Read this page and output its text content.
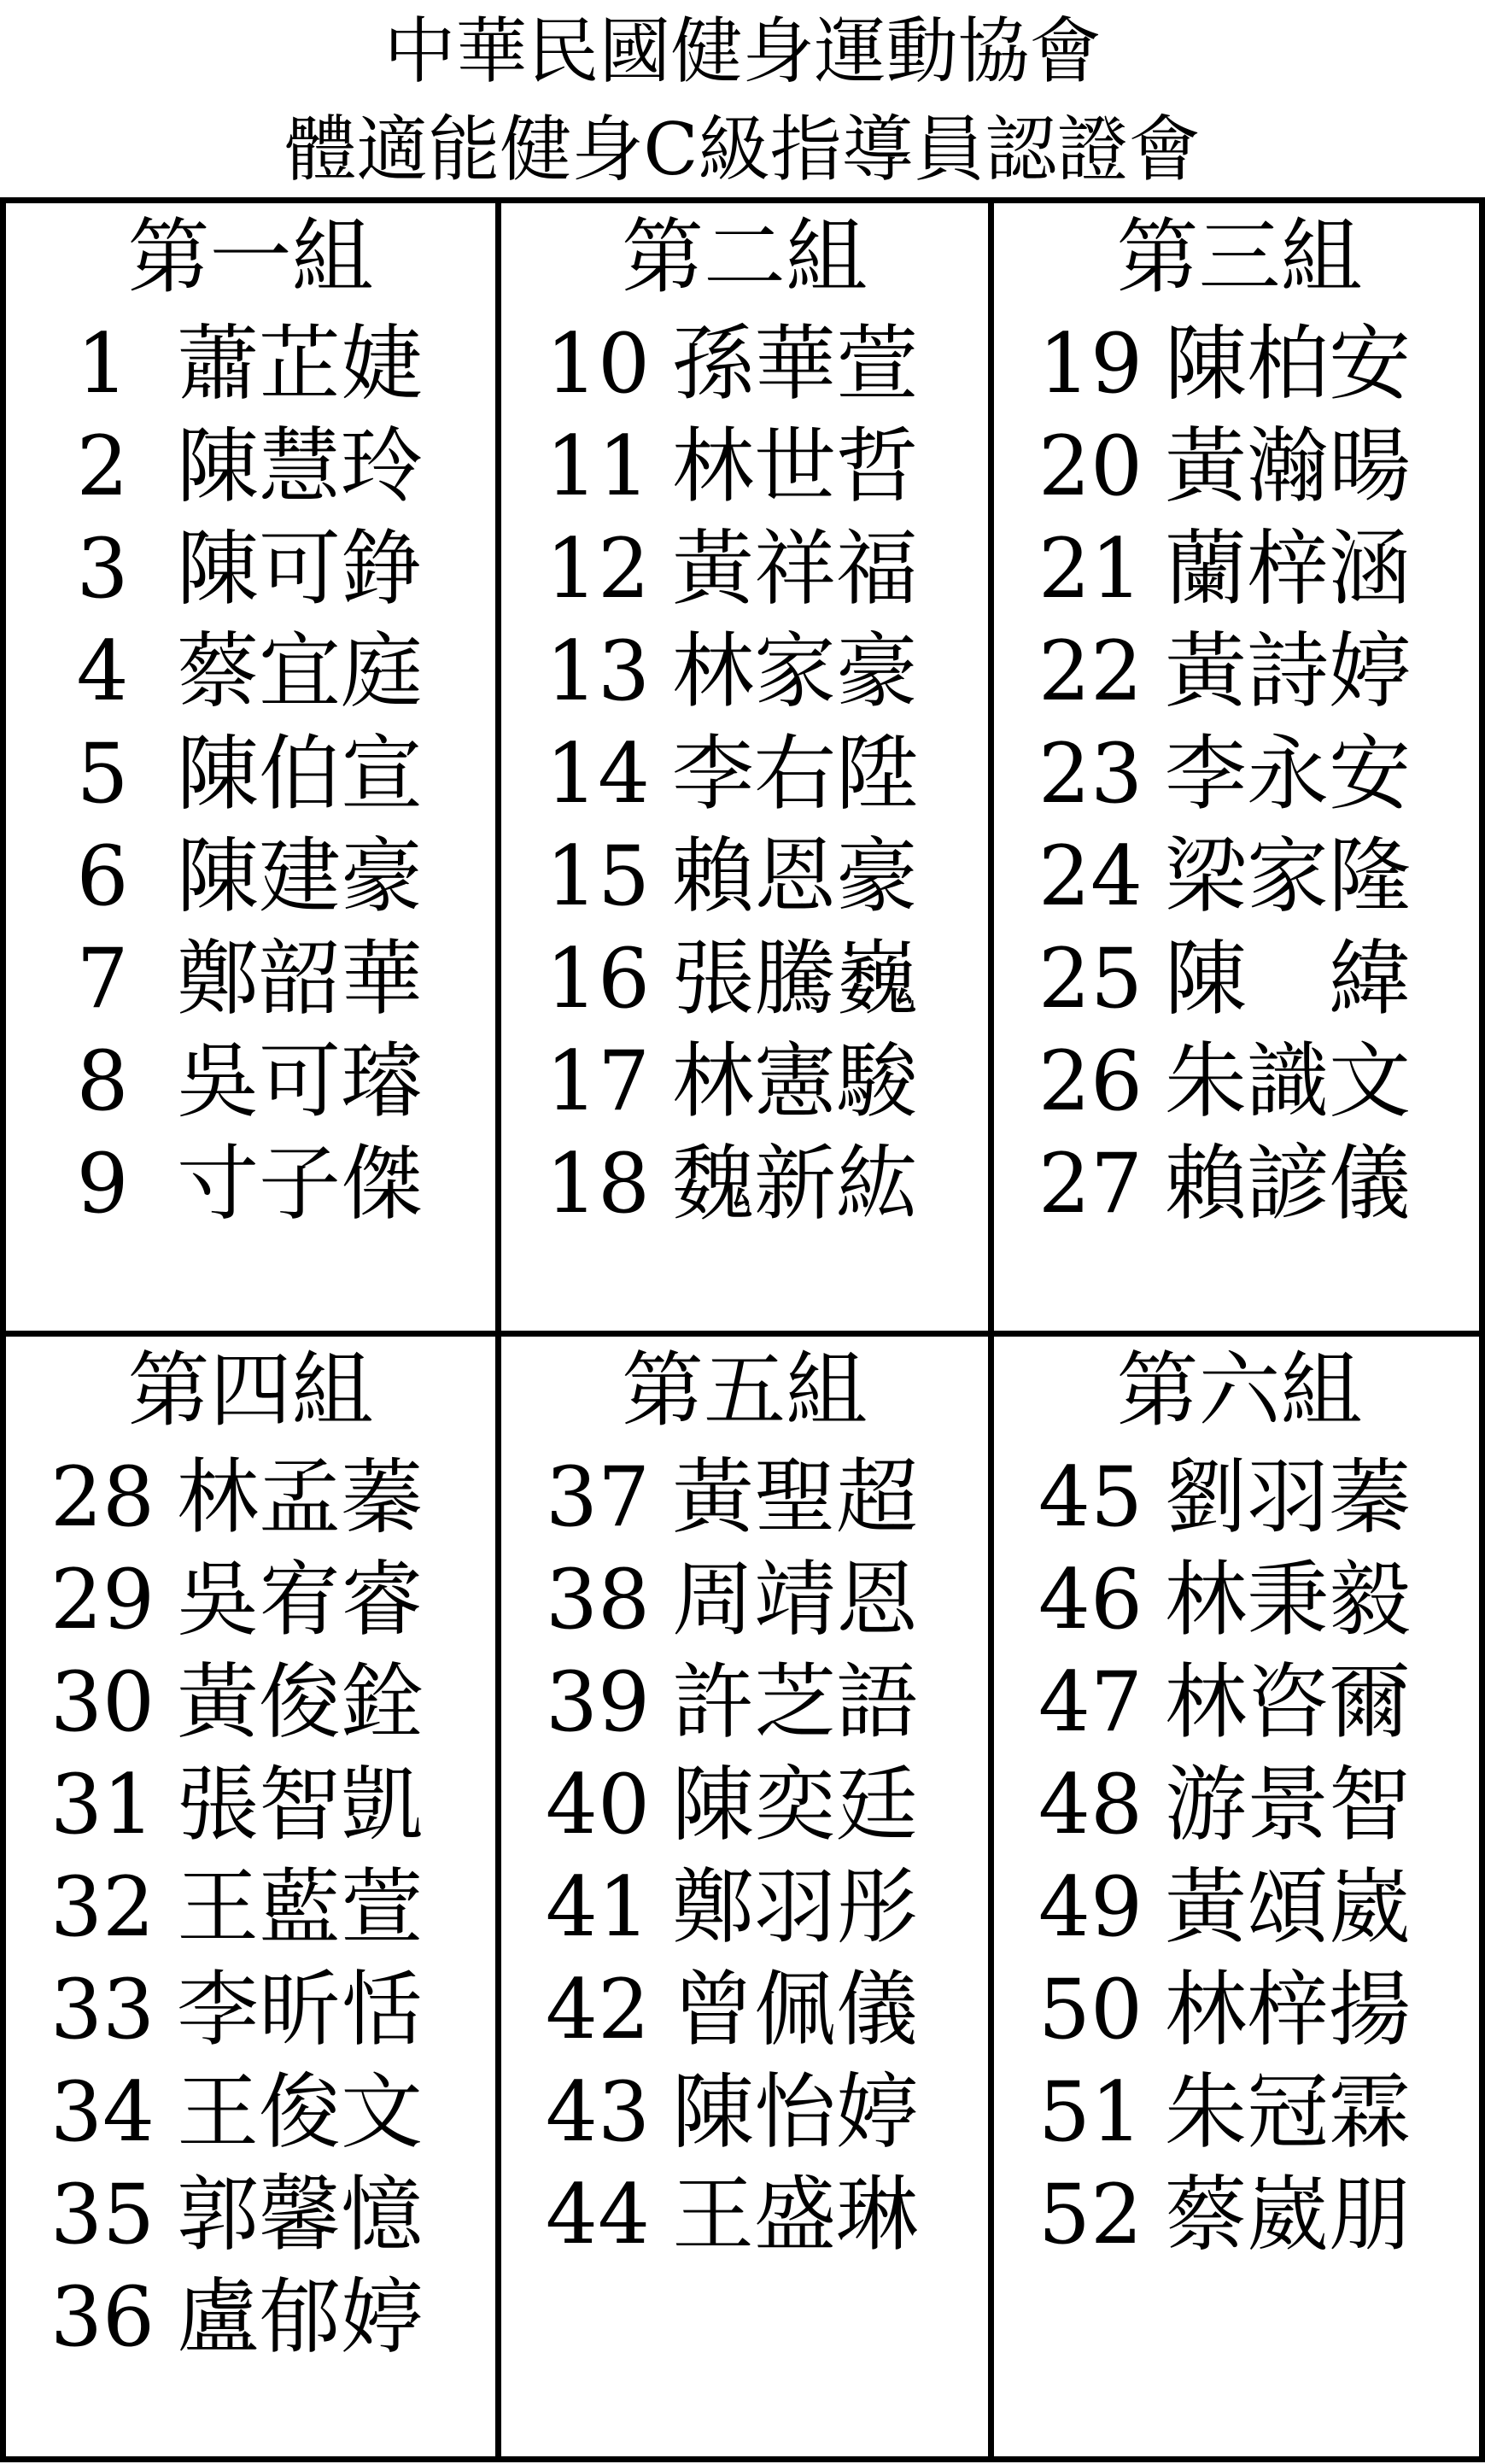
中華民國健身運動協會
體適能健身C級指導員認證會
第一組
1 蕭芷婕
2 陳慧玲
3 陳可錚
4 蔡宜庭
5 陳伯宣
6 陳建豪
7 鄭韶華
8 吳可璿
9 寸子傑
第二組
10 孫華萱
11 林世哲
12 黃祥福
13 林家豪
14 李右陞
15 賴恩豪
16 張騰巍
17 林憲駿
18 魏新紘
第三組
19 陳柏安
20 黃瀚暘
21 蘭梓涵
22 黃詩婷
23 李永安
24 梁家隆
25 陳　緯
26 朱識文
27 賴諺儀
第四組
28 林孟蓁
29 吳宥睿
30 黃俊銓
31 張智凱
32 王藍萱
33 李昕恬
34 王俊文
35 郭馨憶
36 盧郁婷
第五組
37 黃聖超
38 周靖恩
39 許芝語
40 陳奕廷
41 鄭羽彤
42 曾佩儀
43 陳怡婷
44 王盛琳
第六組
45 劉羽蓁
46 林秉毅
47 林咨爾
48 游景智
49 黃頌崴
50 林梓揚
51 朱冠霖
52 蔡崴朋
